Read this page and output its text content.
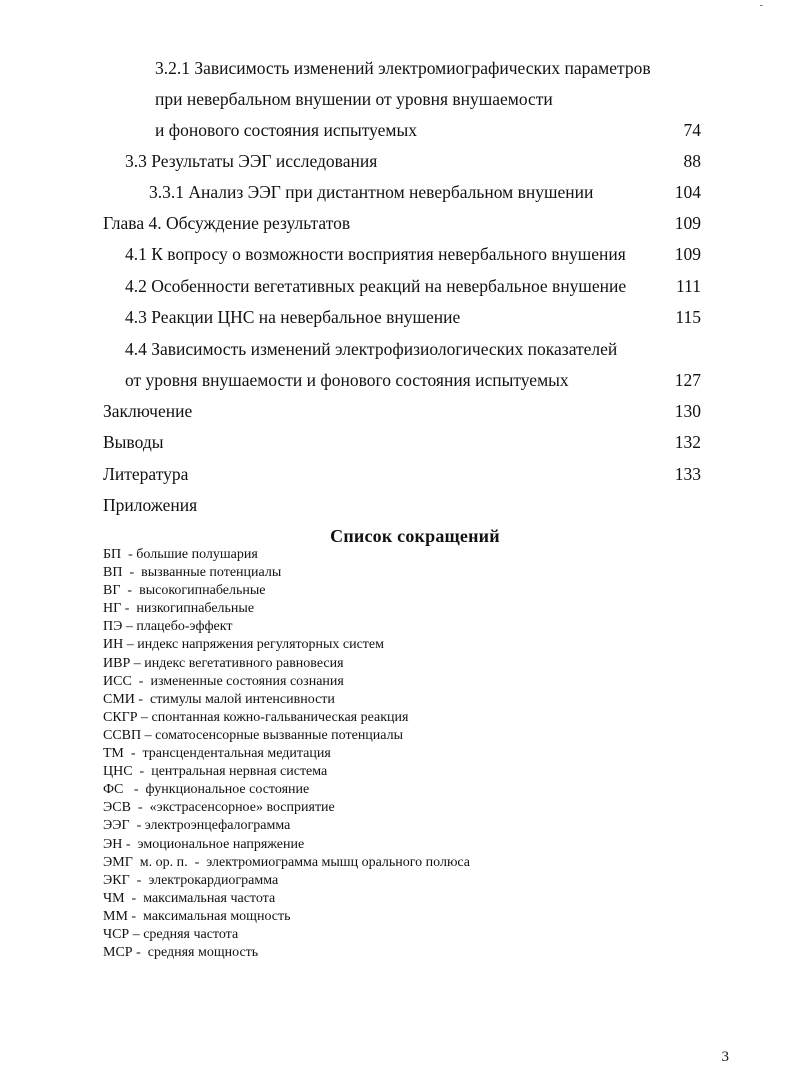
-
3.2.1 Зависимость изменений электромиографических параметров
при невербальном внушении от уровня внушаемости
и фонового состояния испытуемых	74
3.3 Результаты ЭЭГ исследования	88
3.3.1 Анализ ЭЭГ при дистантном невербальном внушении	104
Глава 4. Обсуждение результатов	109
4.1 К вопросу о возможности восприятия невербального внушения	109
4.2 Особенности вегетативных реакций на невербальное внушение	111
4.3 Реакции ЦНС на невербальное внушение	115
4.4 Зависимость изменений электрофизиологических показателей
от уровня внушаемости и фонового состояния испытуемых	127
Заключение	130
Выводы	132
Литература	133
Приложения
Список сокращений
БП  - большие полушария
ВП  -  вызванные потенциалы
ВГ  -  высокогипнабельные
НГ -  низкогипнабельные
ПЭ – плацебо-эффект
ИН – индекс напряжения регуляторных систем
ИВР – индекс вегетативного равновесия
ИСС  -  измененные состояния сознания
СМИ -  стимулы малой интенсивности
СКГР – спонтанная кожно-гальваническая реакция
ССВП – соматосенсорные вызванные потенциалы
ТМ  -  трансцендентальная медитация
ЦНС  -  центральная нервная система
ФС   -  функциональное состояние
ЭСВ  -  «экстрасенсорное» восприятие
ЭЭГ  - электроэнцефалограмма
ЭН -  эмоциональное напряжение
ЭМГ  м. ор. п.  -  электромиограмма мышц орального полюса
ЭКГ  -  электрокардиограмма
ЧМ  -  максимальная частота
ММ -  максимальная мощность
ЧСР – средняя частота
МСР -  средняя мощность
3
